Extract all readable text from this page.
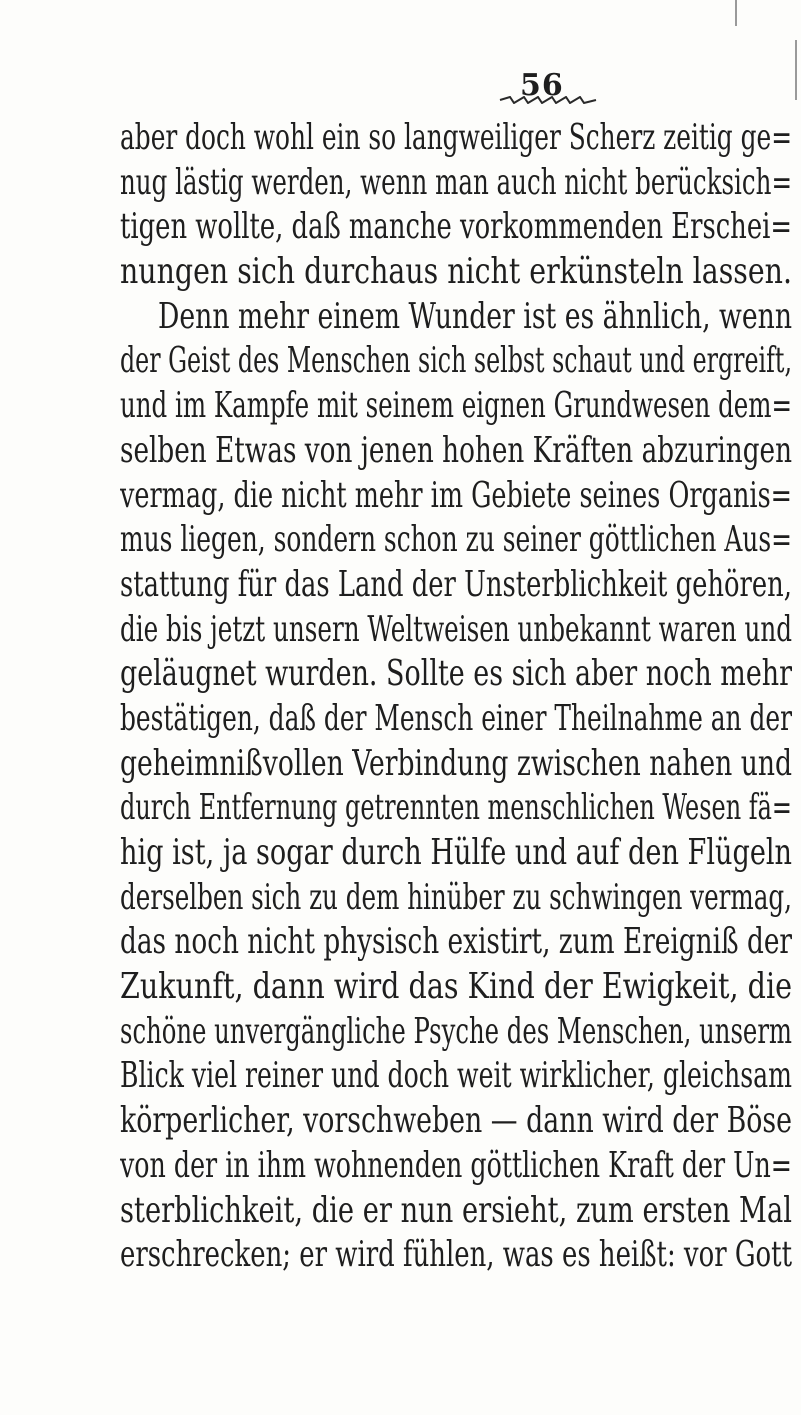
56
aber doch wohl ein so langweiliger Scherz zeitig ge=
nug lästig werden, wenn man auch nicht berücksich=
tigen wollte, daß manche vorkommenden Erschei=
nungen sich durchaus nicht erkünsteln lassen.
Denn mehr einem Wunder ist es ähnlich, wenn
der Geist des Menschen sich selbst schaut und ergreift,
und im Kampfe mit seinem eignen Grundwesen dem=
selben Etwas von jenen hohen Kräften abzuringen
vermag, die nicht mehr im Gebiete seines Organis=
mus liegen, sondern schon zu seiner göttlichen Aus=
stattung für das Land der Unsterblichkeit gehören,
die bis jetzt unsern Weltweisen unbekannt waren und
geläugnet wurden. Sollte es sich aber noch mehr
bestätigen, daß der Mensch einer Theilnahme an der
geheimnißvollen Verbindung zwischen nahen und
durch Entfernung getrennten menschlichen Wesen fä=
hig ist, ja sogar durch Hülfe und auf den Flügeln
derselben sich zu dem hinüber zu schwingen vermag,
das noch nicht physisch existirt, zum Ereigniß der
Zukunft, dann wird das Kind der Ewigkeit, die
schöne unvergängliche Psyche des Menschen, unserm
Blick viel reiner und doch weit wirklicher, gleichsam
körperlicher, vorschweben — dann wird der Böse
von der in ihm wohnenden göttlichen Kraft der Un=
sterblichkeit, die er nun ersieht, zum ersten Mal
erschrecken; er wird fühlen, was es heißt: vor Gott
